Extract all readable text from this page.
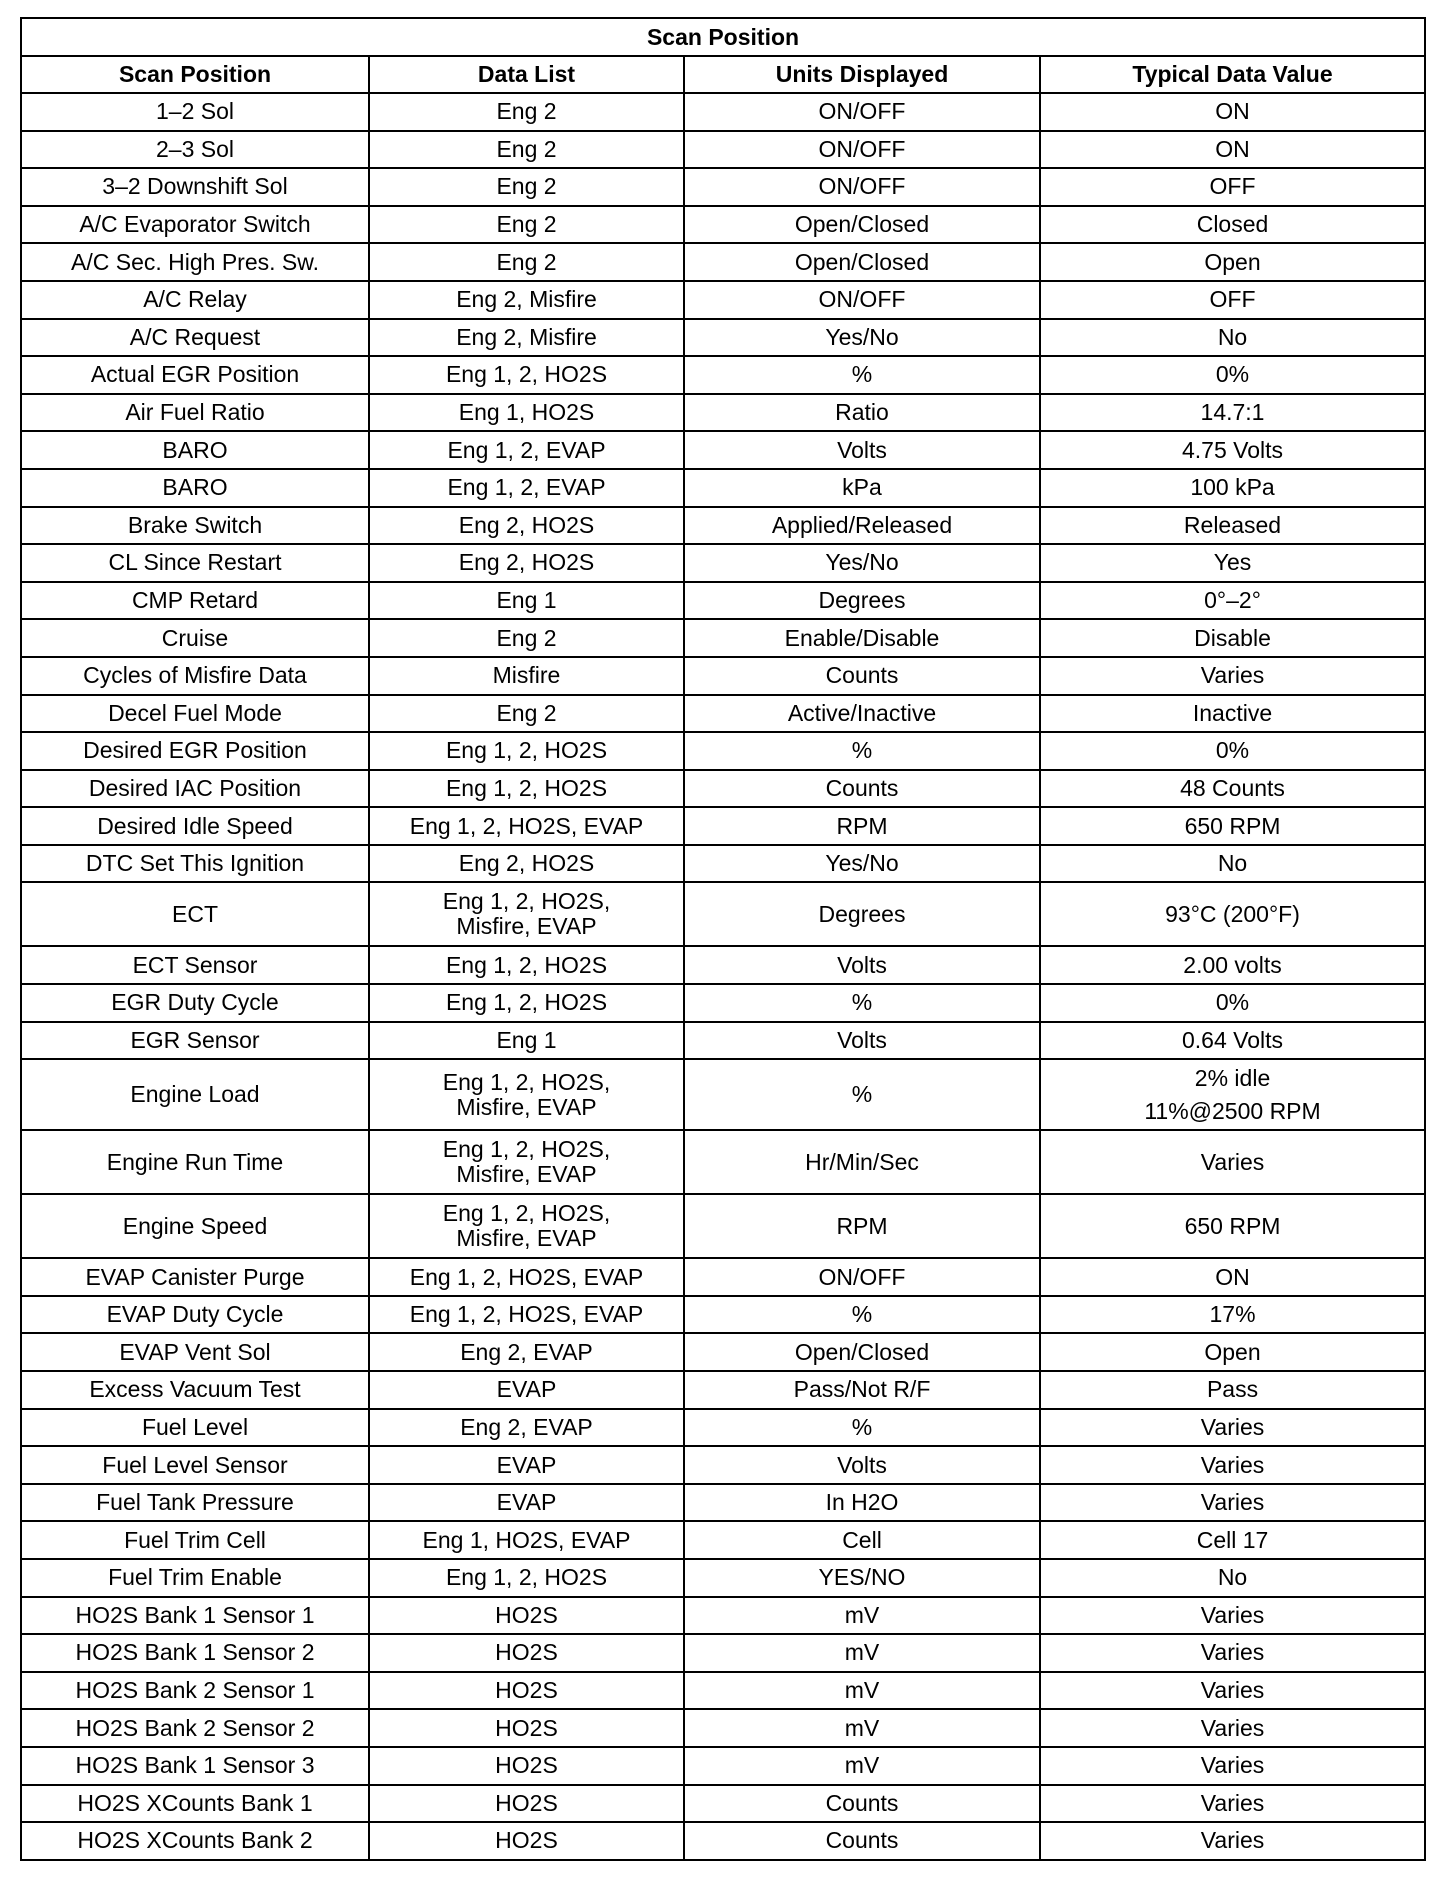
Scan Position			
Scan Position	Data List	Units Displayed	Typical Data Value
1–2 Sol	Eng 2	ON/OFF	ON
2–3 Sol	Eng 2	ON/OFF	ON
3–2 Downshift Sol	Eng 2	ON/OFF	OFF
A/C Evaporator Switch	Eng 2	Open/Closed	Closed
A/C Sec. High Pres. Sw.	Eng 2	Open/Closed	Open
A/C Relay	Eng 2, Misfire	ON/OFF	OFF
A/C Request	Eng 2, Misfire	Yes/No	No
Actual EGR Position	Eng 1, 2, HO2S	%	0%
Air Fuel Ratio	Eng 1, HO2S	Ratio	14.7:1
BARO	Eng 1, 2, EVAP	Volts	4.75 Volts
BARO	Eng 1, 2, EVAP	kPa	100 kPa
Brake Switch	Eng 2, HO2S	Applied/Released	Released
CL Since Restart	Eng 2, HO2S	Yes/No	Yes
CMP Retard	Eng 1	Degrees	0°–2°
Cruise	Eng 2	Enable/Disable	Disable
Cycles of Misfire Data	Misfire	Counts	Varies
Decel Fuel Mode	Eng 2	Active/Inactive	Inactive
Desired EGR Position	Eng 1, 2, HO2S	%	0%
Desired IAC Position	Eng 1, 2, HO2S	Counts	48 Counts
Desired Idle Speed	Eng 1, 2, HO2S, EVAP	RPM	650 RPM
DTC Set This Ignition	Eng 2, HO2S	Yes/No	No
ECT	Eng 1, 2, HO2S,
Misfire, EVAP	Degrees	93°C (200°F)
ECT Sensor	Eng 1, 2, HO2S	Volts	2.00 volts
EGR Duty Cycle	Eng 1, 2, HO2S	%	0%
EGR Sensor	Eng 1	Volts	0.64 Volts
Engine Load	Eng 1, 2, HO2S,
Misfire, EVAP	%	2% idle
11%@2500 RPM

Engine Run Time	Eng 1, 2, HO2S,
Misfire, EVAP	Hr/Min/Sec	Varies
Engine Speed	Eng 1, 2, HO2S,
Misfire, EVAP	RPM	650 RPM
EVAP Canister Purge	Eng 1, 2, HO2S, EVAP	ON/OFF	ON
EVAP Duty Cycle	Eng 1, 2, HO2S, EVAP	%	17%
EVAP Vent Sol	Eng 2, EVAP	Open/Closed	Open
Excess Vacuum Test	EVAP	Pass/Not R/F	Pass
Fuel Level	Eng 2, EVAP	%	Varies
Fuel Level Sensor	EVAP	Volts	Varies
Fuel Tank Pressure	EVAP	In H2O	Varies
Fuel Trim Cell	Eng 1, HO2S, EVAP	Cell	Cell 17
Fuel Trim Enable	Eng 1, 2, HO2S	YES/NO	No
HO2S Bank 1 Sensor 1	HO2S	mV	Varies
HO2S Bank 1 Sensor 2	HO2S	mV	Varies
HO2S Bank 2 Sensor 1	HO2S	mV	Varies
HO2S Bank 2 Sensor 2	HO2S	mV	Varies
HO2S Bank 1 Sensor 3	HO2S	mV	Varies
HO2S XCounts Bank 1	HO2S	Counts	Varies
HO2S XCounts Bank 2	HO2S	Counts	Varies
